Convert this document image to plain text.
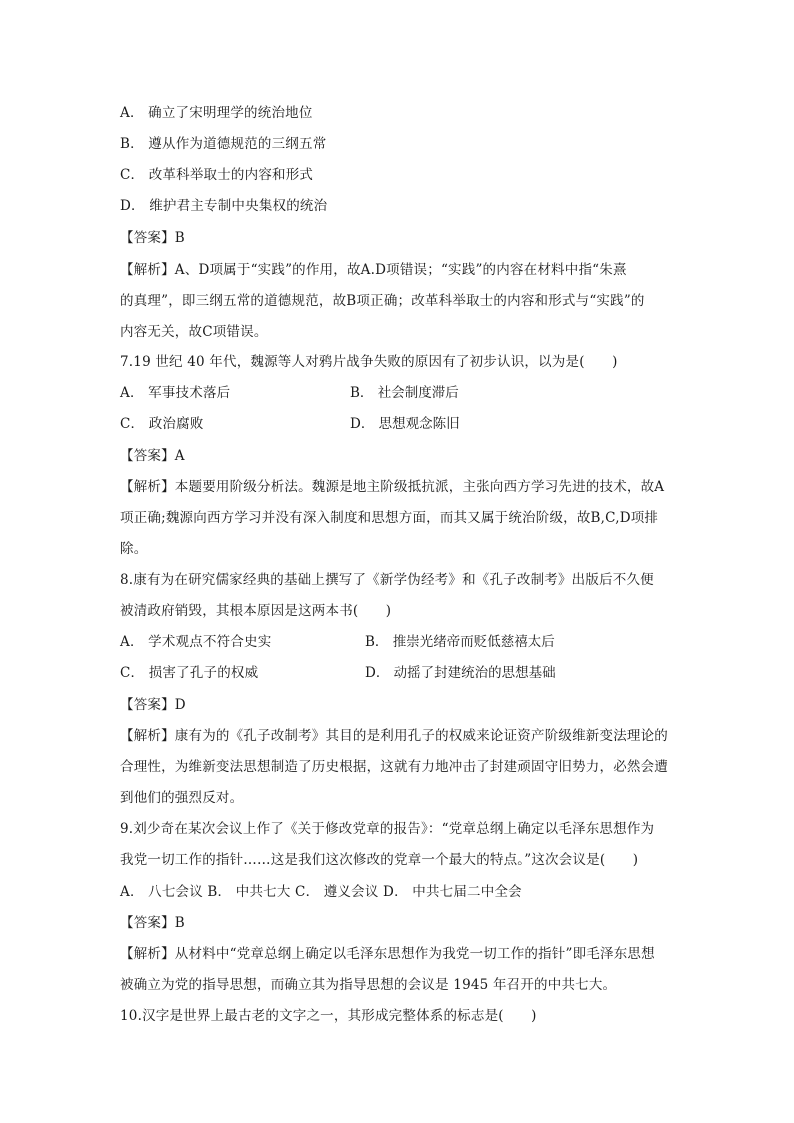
A． 确立了宋明理学的统治地位
B． 遵从作为道德规范的三纲五常
C． 改革科举取士的内容和形式
D． 维护君主专制中央集权的统治
【答案】B
【解析】A、D项属于“实践”的作用，故A.D项错误；“实践”的内容在材料中指“朱熹
的真理”，即三纲五常的道德规范，故B项正确；改革科举取士的内容和形式与“实践”的
内容无关，故C项错误。
7.19 世纪 40 年代，魏源等人对鸦片战争失败的原因有了初步认识，以为是(　　)
A． 军事技术落后	B． 社会制度滞后
C． 政治腐败	D． 思想观念陈旧
【答案】A
【解析】本题要用阶级分析法。魏源是地主阶级抵抗派，主张向西方学习先进的技术，故A
项正确;魏源向西方学习并没有深入制度和思想方面，而其又属于统治阶级，故B,C,D项排
除。
8.康有为在研究儒家经典的基础上撰写了《新学伪经考》和《孔子改制考》出版后不久便
被清政府销毁，其根本原因是这两本书(　　)
A． 学术观点不符合史实	B． 推崇光绪帝而贬低慈禧太后
C． 损害了孔子的权威	D． 动摇了封建统治的思想基础
【答案】D
【解析】康有为的《孔子改制考》其目的是利用孔子的权威来论证资产阶级维新变法理论的
合理性，为维新变法思想制造了历史根据，这就有力地冲击了封建顽固守旧势力，必然会遭
到他们的强烈反对。
9.刘少奇在某次会议上作了《关于修改党章的报告》：“党章总纲上确定以毛泽东思想作为
我党一切工作的指针……这是我们这次修改的党章一个最大的特点。”这次会议是(　　)
A． 八七会议 B． 中共七大 C． 遵义会议 D． 中共七届二中全会
【答案】B
【解析】从材料中“党章总纲上确定以毛泽东思想作为我党一切工作的指针”即毛泽东思想
被确立为党的指导思想，而确立其为指导思想的会议是 1945 年召开的中共七大。
10.汉字是世界上最古老的文字之一，其形成完整体系的标志是(　　)
